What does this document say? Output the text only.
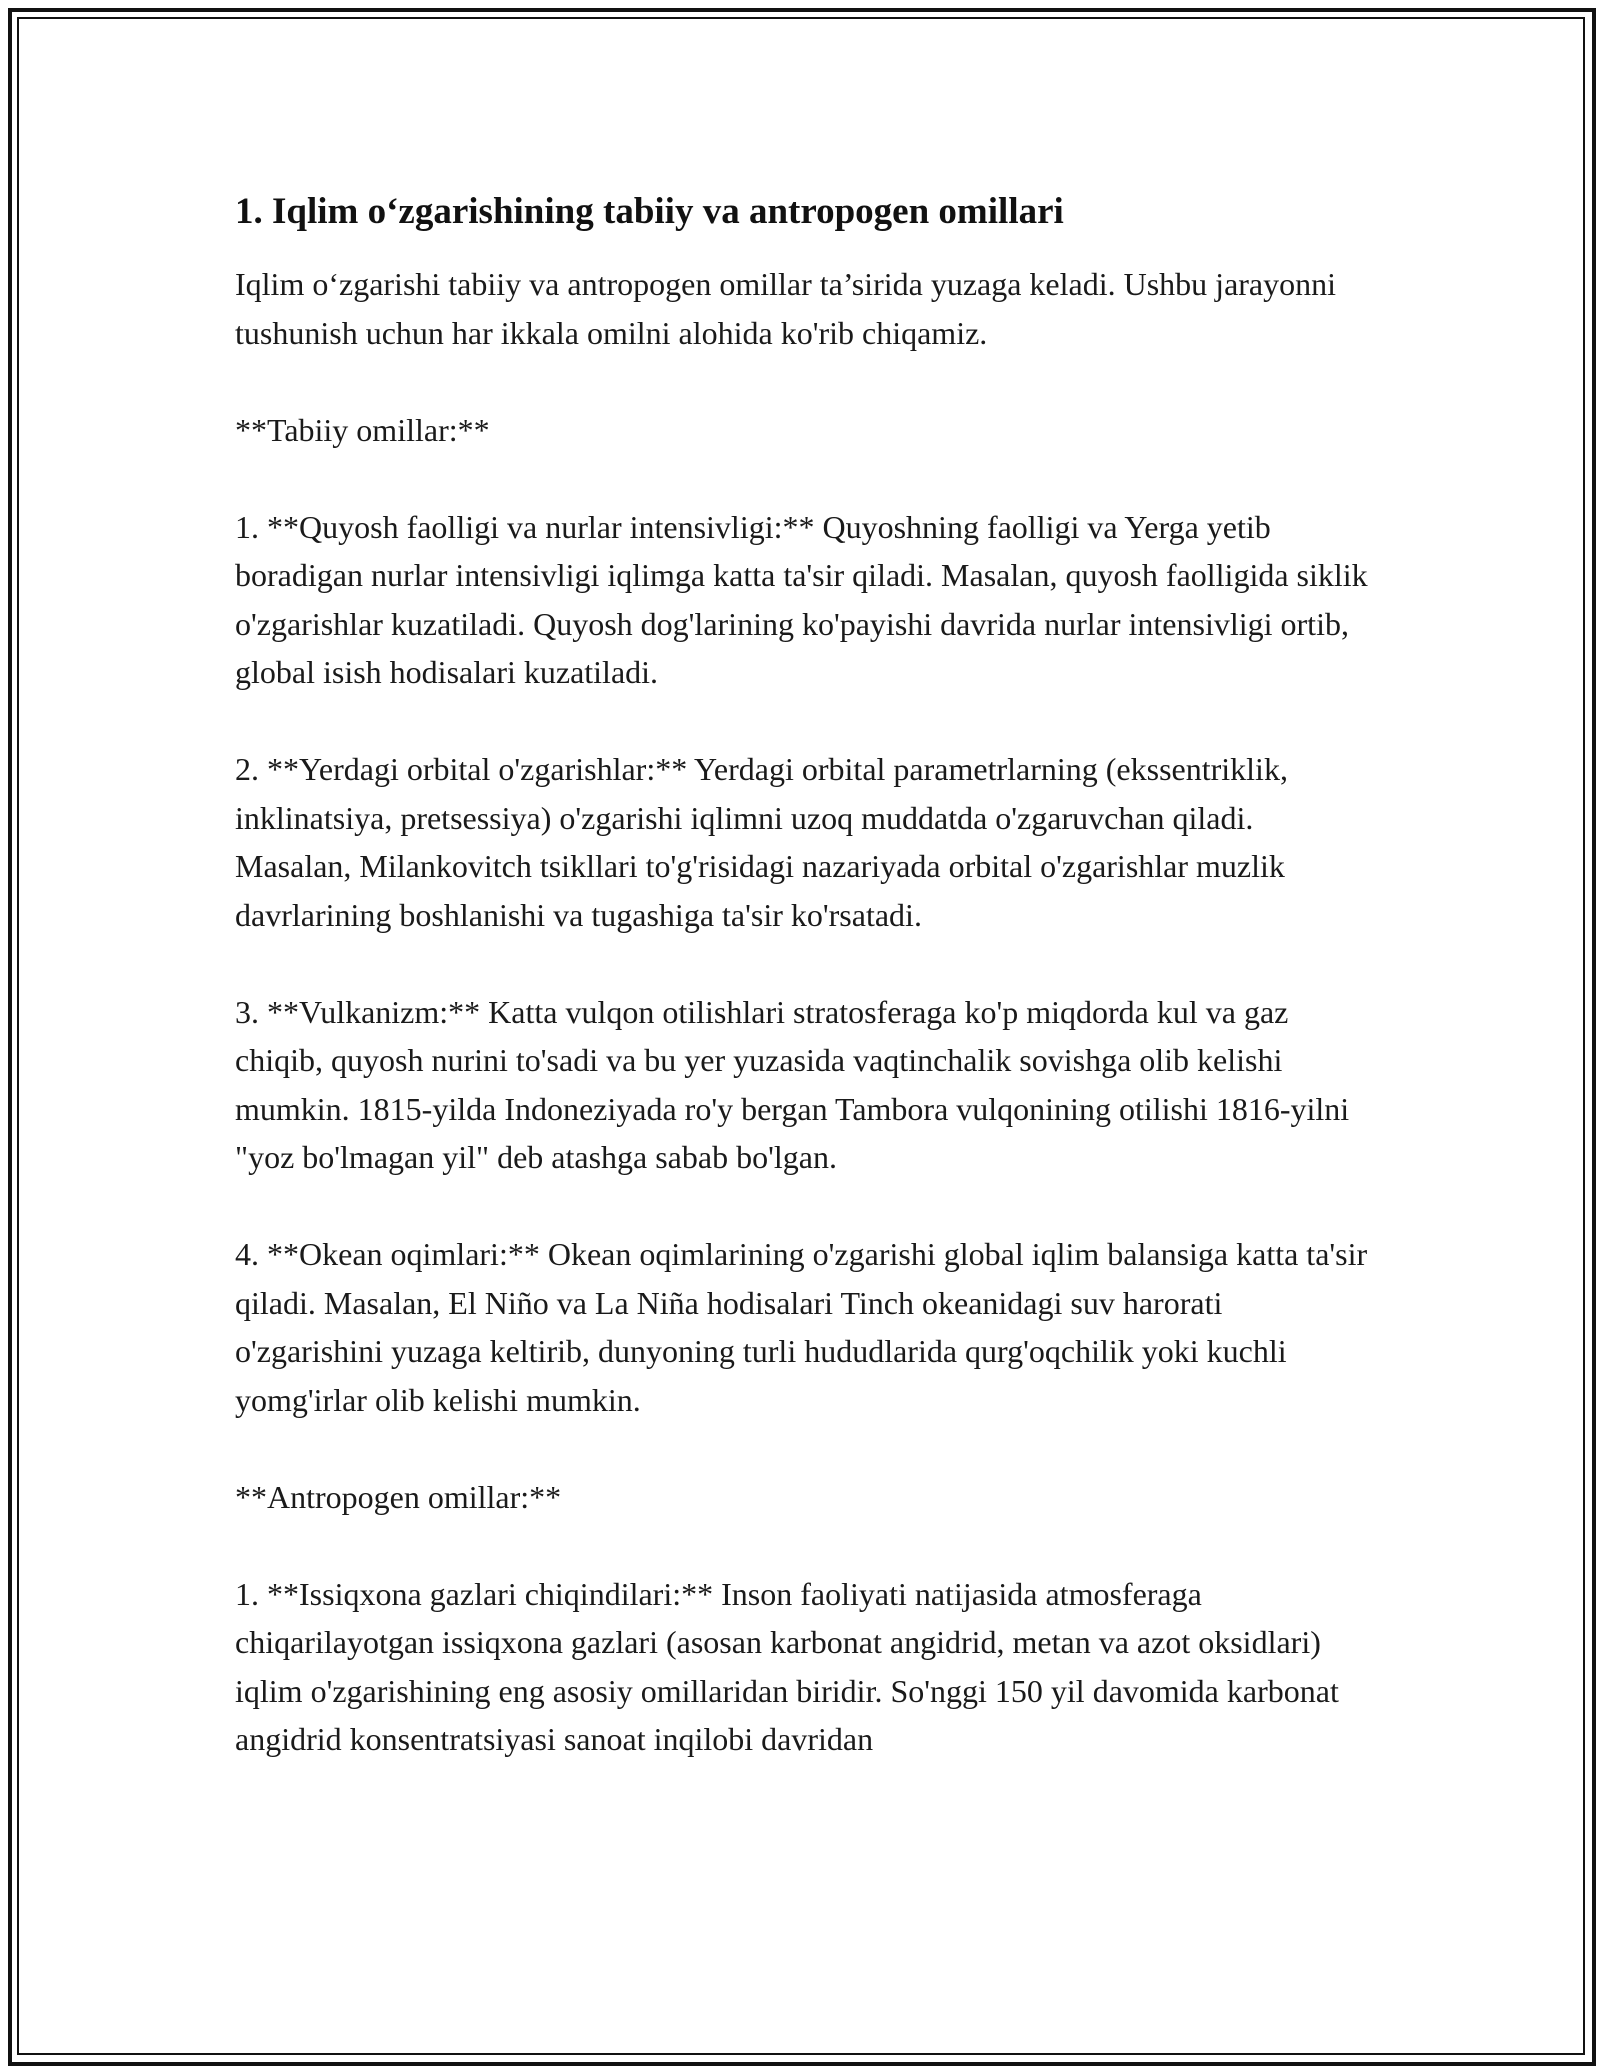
1. Iqlim o‘zgarishining tabiiy va antropogen omillari

Iqlim o‘zgarishi tabiiy va antropogen omillar ta’sirida yuzaga keladi. Ushbu jarayonni tushunish uchun har ikkala omilni alohida ko'rib chiqamiz.

**Tabiiy omillar:**

1. **Quyosh faolligi va nurlar intensivligi:** Quyoshning faolligi va Yerga yetib boradigan nurlar intensivligi iqlimga katta ta'sir qiladi. Masalan, quyosh faolligida siklik o'zgarishlar kuzatiladi. Quyosh dog'larining ko'payishi davrida nurlar intensivligi ortib, global isish hodisalari kuzatiladi.

2. **Yerdagi orbital o'zgarishlar:** Yerdagi orbital parametrlarning (ekssentriklik, inklinatsiya, pretsessiya) o'zgarishi iqlimni uzoq muddatda o'zgaruvchan qiladi. Masalan, Milankovitch tsikllari to'g'risidagi nazariyada orbital o'zgarishlar muzlik davrlarining boshlanishi va tugashiga ta'sir ko'rsatadi.

3. **Vulkanizm:** Katta vulqon otilishlari stratosferaga ko'p miqdorda kul va gaz chiqib, quyosh nurini to'sadi va bu yer yuzasida vaqtinchalik sovishga olib kelishi mumkin. 1815-yilda Indoneziyada ro'y bergan Tambora vulqonining otilishi 1816-yilni "yoz bo'lmagan yil" deb atashga sabab bo'lgan.

4. **Okean oqimlari:** Okean oqimlarining o'zgarishi global iqlim balansiga katta ta'sir qiladi. Masalan, El Niño va La Niña hodisalari Tinch okeanidagi suv harorati o'zgarishini yuzaga keltirib, dunyoning turli hududlarida qurg'oqchilik yoki kuchli yomg'irlar olib kelishi mumkin.

**Antropogen omillar:**

1. **Issiqxona gazlari chiqindilari:** Inson faoliyati natijasida atmosferaga chiqarilayotgan issiqxona gazlari (asosan karbonat angidrid, metan va azot oksidlari) iqlim o'zgarishining eng asosiy omillaridan biridir. So'nggi 150 yil davomida karbonat angidrid konsentratsiyasi sanoat inqilobi davridan
